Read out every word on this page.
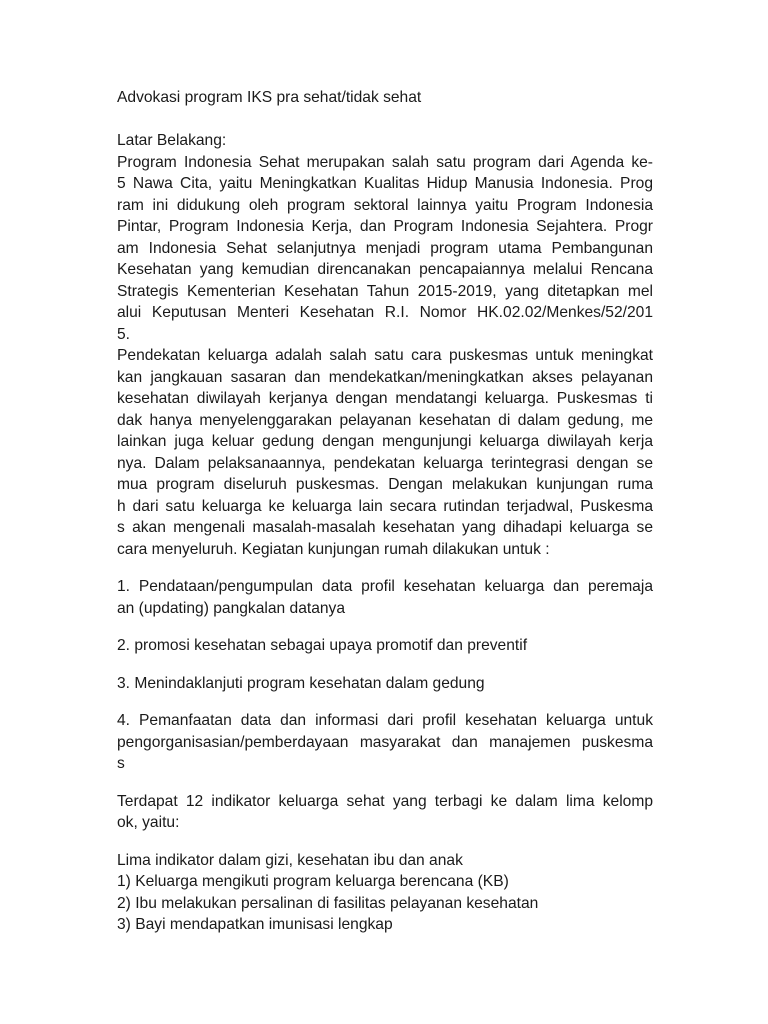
Advokasi program IKS pra sehat/tidak sehat
Latar Belakang:
Program Indonesia Sehat merupakan salah satu program dari Agenda ke-
5 Nawa Cita, yaitu Meningkatkan Kualitas Hidup Manusia Indonesia. Prog
ram ini didukung oleh program sektoral lainnya yaitu Program Indonesia
Pintar, Program Indonesia Kerja, dan Program Indonesia Sejahtera. Progr
am Indonesia Sehat selanjutnya menjadi program utama Pembangunan
Kesehatan yang kemudian direncanakan pencapaiannya melalui Rencana
Strategis Kementerian Kesehatan Tahun 2015-2019, yang ditetapkan mel
alui Keputusan Menteri Kesehatan R.I. Nomor HK.02.02/Menkes/52/201
5.
Pendekatan keluarga adalah salah satu cara puskesmas untuk meningkat
kan jangkauan sasaran dan mendekatkan/meningkatkan akses pelayanan
kesehatan diwilayah kerjanya dengan mendatangi keluarga. Puskesmas ti
dak hanya menyelenggarakan pelayanan kesehatan di dalam gedung, me
lainkan juga keluar gedung dengan mengunjungi keluarga diwilayah kerja
nya. Dalam pelaksanaannya, pendekatan keluarga terintegrasi dengan se
mua program diseluruh puskesmas. Dengan melakukan kunjungan ruma
h dari satu keluarga ke keluarga lain secara rutindan terjadwal, Puskesma
s akan mengenali masalah-masalah kesehatan yang dihadapi keluarga se
cara menyeluruh. Kegiatan kunjungan rumah dilakukan untuk :
1. Pendataan/pengumpulan data profil kesehatan keluarga dan peremaja
an (updating) pangkalan datanya
2. promosi kesehatan sebagai upaya promotif dan preventif
3. Menindaklanjuti program kesehatan dalam gedung
4. Pemanfaatan data dan informasi dari profil kesehatan keluarga untuk
pengorganisasian/pemberdayaan masyarakat dan manajemen puskesma
s
Terdapat 12 indikator keluarga sehat yang terbagi ke dalam lima kelomp
ok, yaitu:
Lima indikator dalam gizi, kesehatan ibu dan anak
1) Keluarga mengikuti program keluarga berencana (KB)
2) Ibu melakukan persalinan di fasilitas pelayanan kesehatan
3) Bayi mendapatkan imunisasi lengkap
